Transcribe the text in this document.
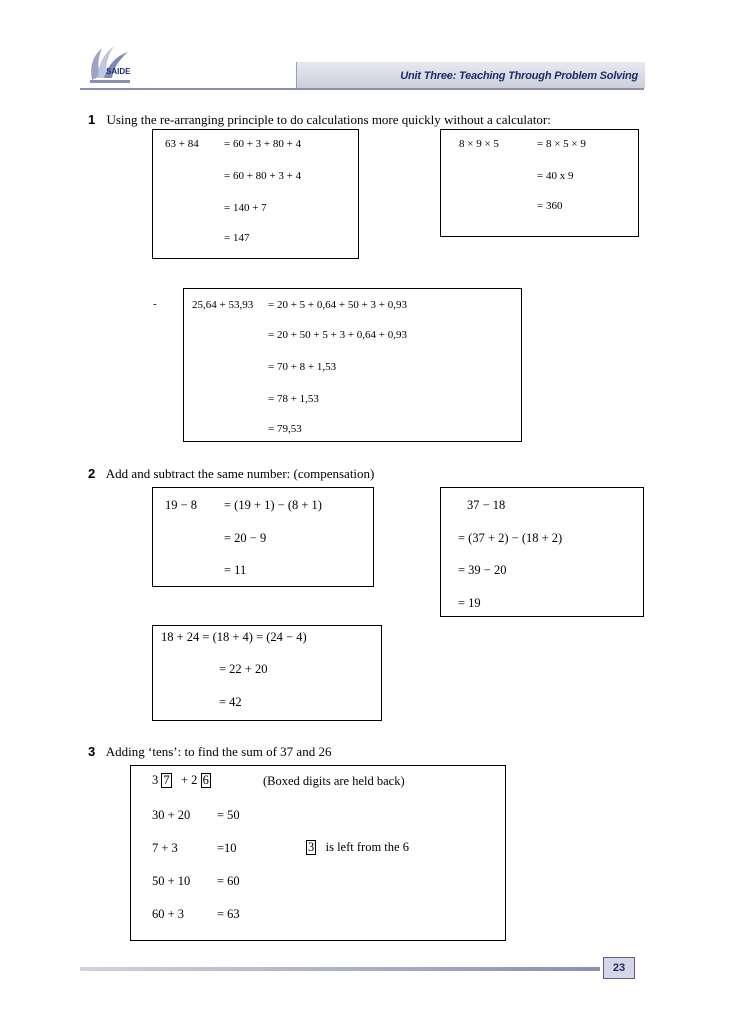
SAIDE	Unit Three: Teaching Through Problem Solving
1 Using the re-arranging principle to do calculations more quickly without a calculator:
63 + 84 = 60 + 3 + 80 + 4
= 60 + 80 + 3 + 4
= 140 + 7
= 147
8 × 9 × 5	= 8 × 5 × 9
= 40 x 9
= 360
-	25,64 + 53,93 = 20 + 5 + 0,64 + 50 + 3 + 0,93
= 20 + 50 + 5 + 3 + 0,64 + 0,93
= 70 + 8 + 1,53
= 78 + 1,53
= 79,53
2 Add and subtract the same number: (compensation)
19 − 8 = (19 + 1) − (8 + 1)
= 20 − 9
= 11
37 − 18
= (37 + 2) − (18 + 2)
= 39 − 20
= 19
18 + 24 = (18 + 4) = (24 − 4)
= 22 + 20
= 42
3 Adding ‘tens’: to find the sum of 37 and 26
3 7 + 2 6	(Boxed digits are held back)
30 + 20 = 50
7 + 3	=10	3 is left from the 6
50 + 10 = 60
60 + 3	= 63
23
